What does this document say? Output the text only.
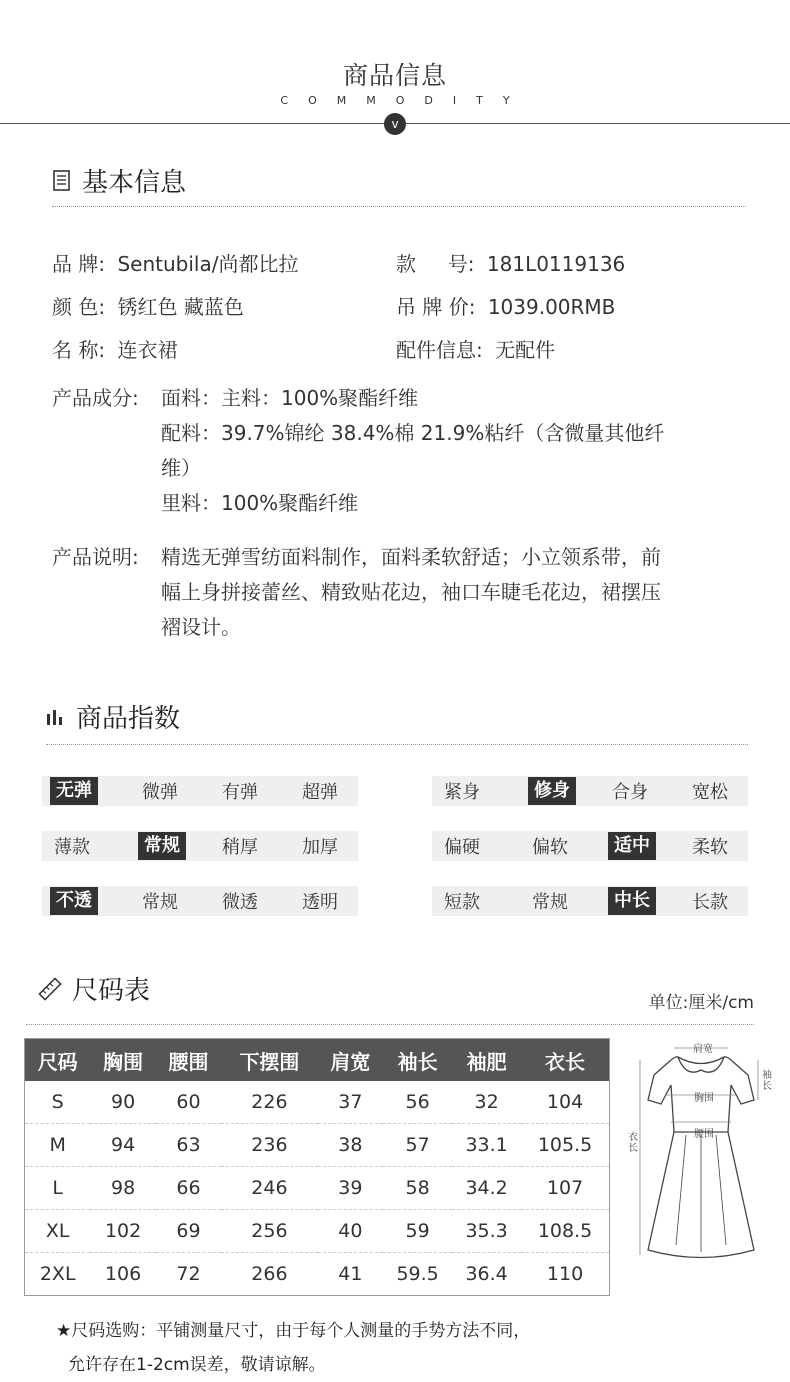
商品信息
COMMODITY
v
基本信息
品 牌: Sentubila/尚都比拉	款     号: 181L0119136
颜 色: 锈红色 藏蓝色	吊 牌 价: 1039.00RMB
名 称: 连衣裙	配件信息: 无配件
产品成分: 面料：主料：100%聚酯纤维
配料：39.7%锦纶 38.4%棉 21.9%粘纤（含微量其他纤
维）
里料：100%聚酯纤维
产品说明: 精选无弹雪纺面料制作，面料柔软舒适；小立领系带，前
幅上身拼接蕾丝、精致贴花边，袖口车睫毛花边，裙摆压
褶设计。
商品指数
无弹	微弹 有弹 超弹	紧身	修身	合身 宽松
薄款	常规	稍厚 加厚	偏硬	偏软	适中	柔软
不透	常规 微透 透明	短款	常规	中长	长款
尺码表	单位:厘米/cm
尺码	胸围	腰围	下摆围	肩宽	袖长	袖肥	衣长
S	90	60	226	37	56	32	104
M	94	63	236	38	57	33.1	105.5
L	98	66	246	39	58	34.2	107
XL	102	69	256	40	59	35.3	108.5
2XL	106	72	266	41	59.5	36.4	110
肩宽
袖长
胸围
腰围
衣长
★尺码选购：平铺测量尺寸，由于每个人测量的手势方法不同，
允许存在1-2cm误差，敬请谅解。
